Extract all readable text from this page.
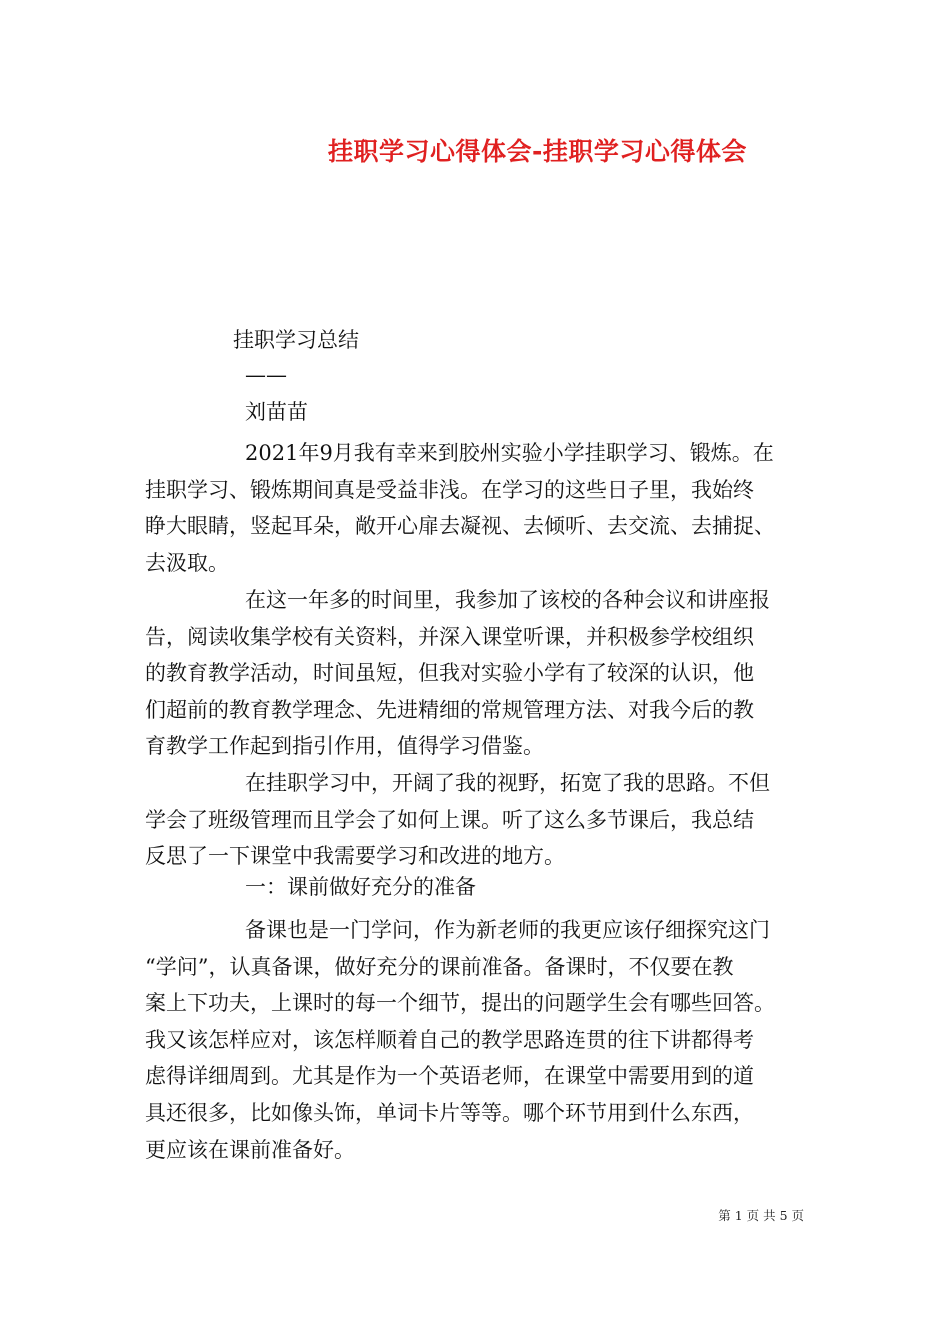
挂职学习心得体会-挂职学习心得体会
挂职学习总结
——
刘苗苗
2021年9月我有幸来到胶州实验小学挂职学习、锻炼。在
挂职学习、锻炼期间真是受益非浅。在学习的这些日子里，我始终
睁大眼睛，竖起耳朵，敞开心扉去凝视、去倾听、去交流、去捕捉、
去汲取。
在这一年多的时间里，我参加了该校的各种会议和讲座报
告，阅读收集学校有关资料，并深入课堂听课，并积极参学校组织
的教育教学活动，时间虽短，但我对实验小学有了较深的认识，他
们超前的教育教学理念、先进精细的常规管理方法、对我今后的教
育教学工作起到指引作用，值得学习借鉴。
在挂职学习中，开阔了我的视野，拓宽了我的思路。不但
学会了班级管理而且学会了如何上课。听了这么多节课后，我总结
反思了一下课堂中我需要学习和改进的地方。
一：课前做好充分的准备
备课也是一门学问，作为新老师的我更应该仔细探究这门
“学问”，认真备课，做好充分的课前准备。备课时，不仅要在教
案上下功夫，上课时的每一个细节，提出的问题学生会有哪些回答。
我又该怎样应对，该怎样顺着自己的教学思路连贯的往下讲都得考
虑得详细周到。尤其是作为一个英语老师，在课堂中需要用到的道
具还很多，比如像头饰，单词卡片等等。哪个环节用到什么东西，
更应该在课前准备好。
第 1 页 共 5 页
